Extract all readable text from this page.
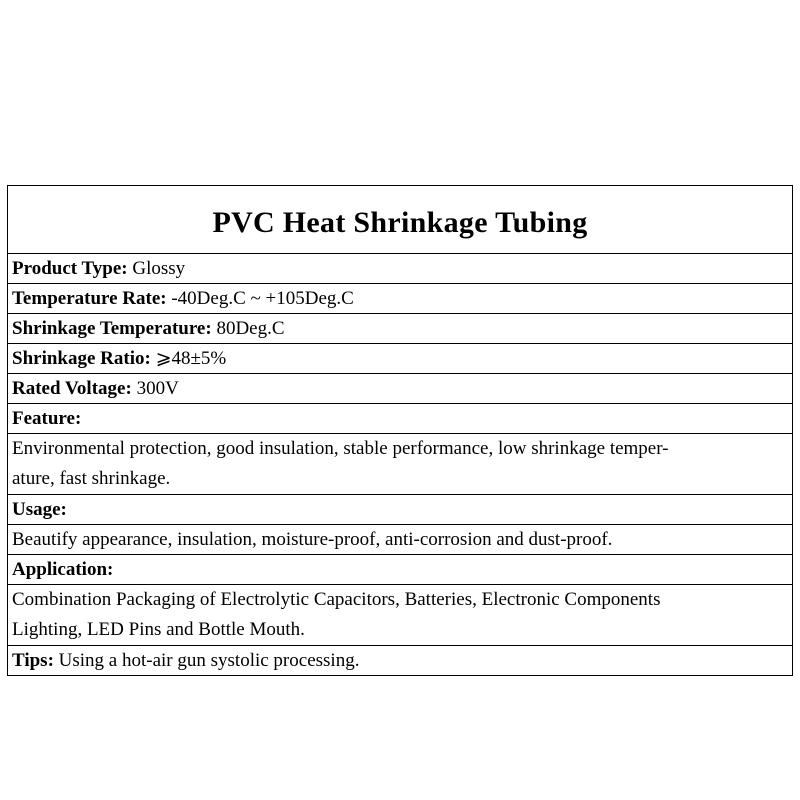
PVC Heat Shrinkage Tubing
Product Type: Glossy
Temperature Rate: -40Deg.C ~ +105Deg.C
Shrinkage Temperature: 80Deg.C
Shrinkage Ratio: ⩾48±5%
Rated Voltage: 300V
Feature:

Environmental protection, good insulation, stable performance, low shrinkage temper-
ature, fast shrinkage.

Usage:
Beautify appearance, insulation, moisture-proof, anti-corrosion and dust-proof.
Application:

Combination Packaging of Electrolytic Capacitors, Batteries, Electronic Components
Lighting, LED Pins and Bottle Mouth.

Tips: Using a hot-air gun systolic processing.
